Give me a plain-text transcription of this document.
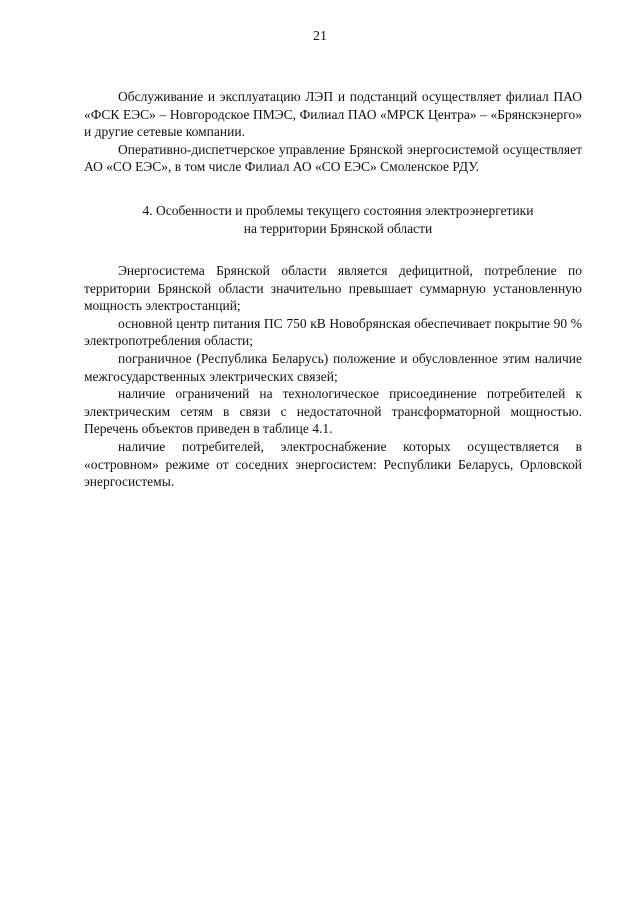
21

Обслуживание и эксплуатацию ЛЭП и подстанций осуществляет филиал ПАО «ФСК ЕЭС» – Новгородское ПМЭС, Филиал ПАО «МРСК Центра» – «Брянскэнерго» и другие сетевые компании.

Оперативно-диспетчерское управление Брянской энергосистемой осуществляет АО «СО ЕЭС», в том числе Филиал АО «СО ЕЭС» Смоленское РДУ.

4. Особенности и проблемы текущего состояния электроэнергетики
на территории Брянской области

Энергосистема Брянской области является дефицитной, потребление по территории Брянской области значительно превышает суммарную установленную мощность электростанций;

основной центр питания ПС 750 кВ Новобрянская обеспечивает покрытие 90 % электропотребления области;

пограничное (Республика Беларусь) положение и обусловленное этим наличие межгосударственных электрических связей;

наличие ограничений на технологическое присоединение потребителей к электрическим сетям в связи с недостаточной трансформаторной мощностью. Перечень объектов приведен в таблице 4.1.

наличие потребителей, электроснабжение которых осуществляется в «островном» режиме от соседних энергосистем: Республики Беларусь, Орловской энергосистемы.
